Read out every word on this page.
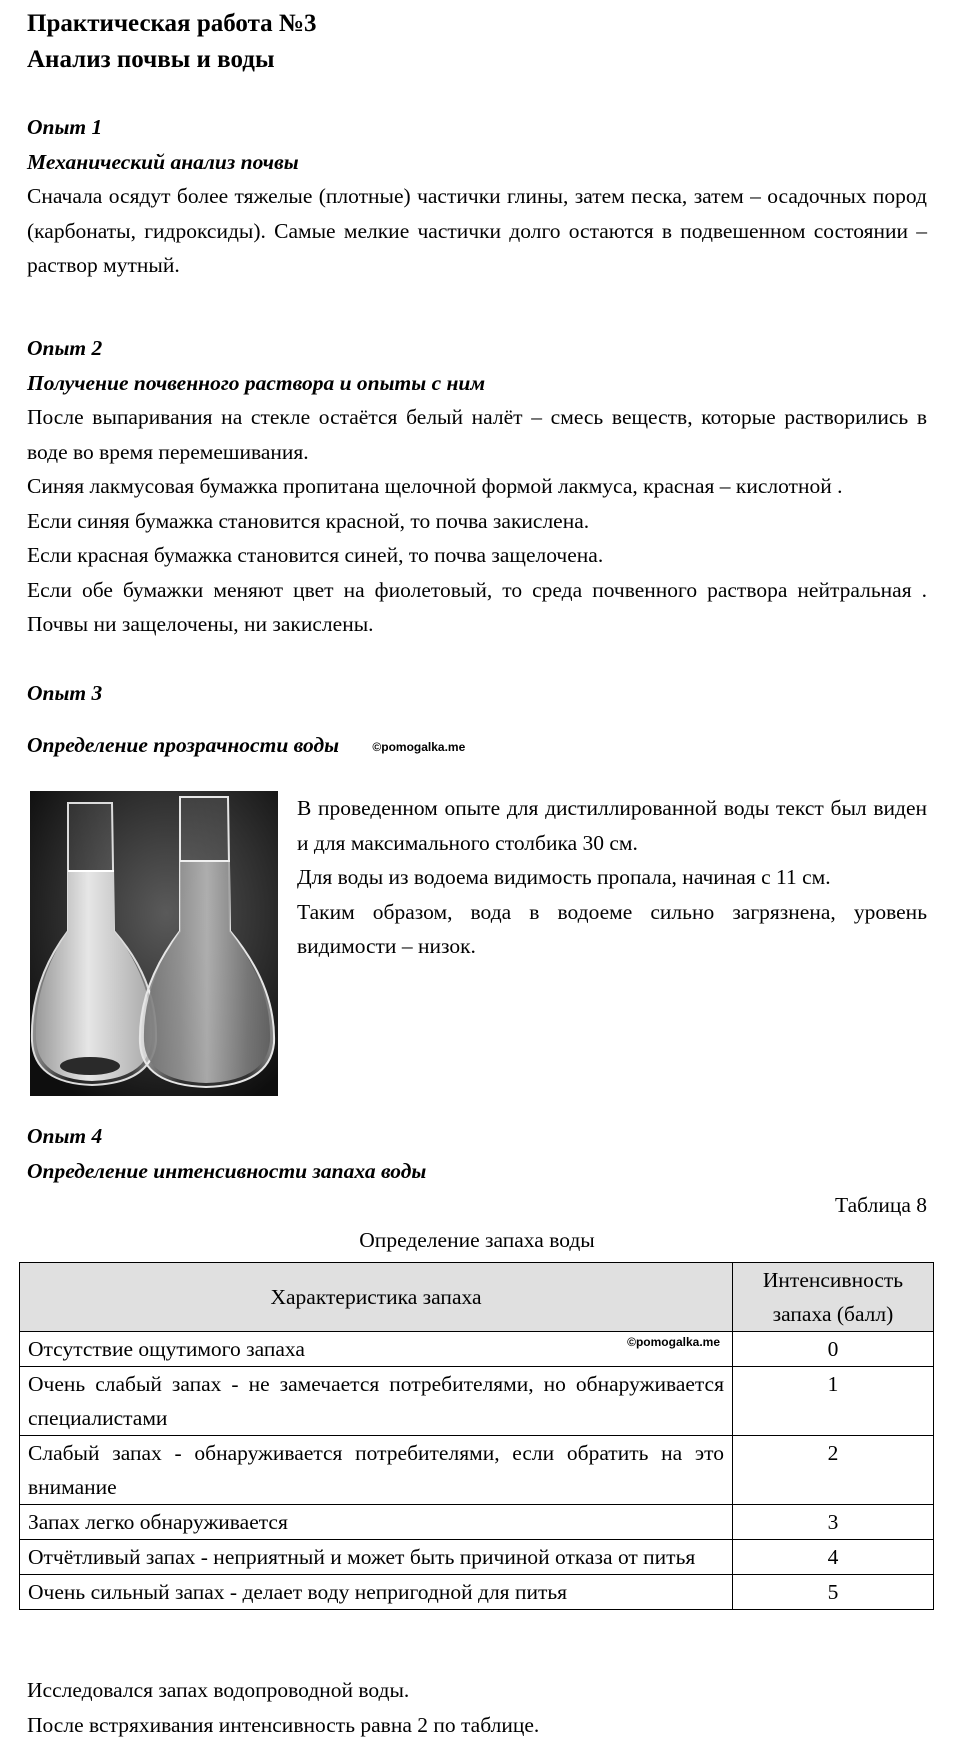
Практическая работа №3

Анализ почвы и воды

Опыт 1

Механический анализ почвы

Сначала осядут более тяжелые (плотные) частички глины, затем песка, затем – осадочных пород (карбонаты, гидроксиды). Самые мелкие частички долго остаются в подвешенном состоянии – раствор мутный.

Опыт 2

Получение почвенного раствора и опыты с ним

После выпаривания на стекле остаётся белый налёт – смесь веществ, которые растворились в воде во время перемешивания.

Синяя лакмусовая бумажка пропитана щелочной формой лакмуса, красная – кислотной .

Если синяя бумажка становится красной, то почва закислена.

Если красная бумажка становится синей, то почва защелочена.

Если обе бумажки меняют цвет на фиолетовый, то среда почвенного раствора нейтральная . Почвы ни защелочены, ни закислены.

Опыт 3

Определение прозрачности воды	©pomogalka.me

В проведенном опыте для дистиллированной воды текст был виден и для максимального столбика 30 см.

Для воды из водоема видимость пропала, начиная с 11 см.

Таким образом, вода в водоеме сильно загрязнена, уровень видимости – низок.

Опыт 4

Определение интенсивности запаха воды

Таблица 8

Определение запаха воды

Характеристика запаха	Интенсивность запаха (балл)
Отсутствие ощутимого запаха ©pomogalka.me	0
Очень слабый запах - не замечается потребителями, но обнаруживается специалистами	1
Слабый запах - обнаруживается потребителями, если обратить на это внимание	2
Запах легко обнаруживается	3
Отчётливый запах - неприятный и может быть причиной отказа от питья	4
Очень сильный запах - делает воду непригодной для питья	5

Исследовался запах водопроводной воды.

После встряхивания интенсивность равна 2 по таблице.
